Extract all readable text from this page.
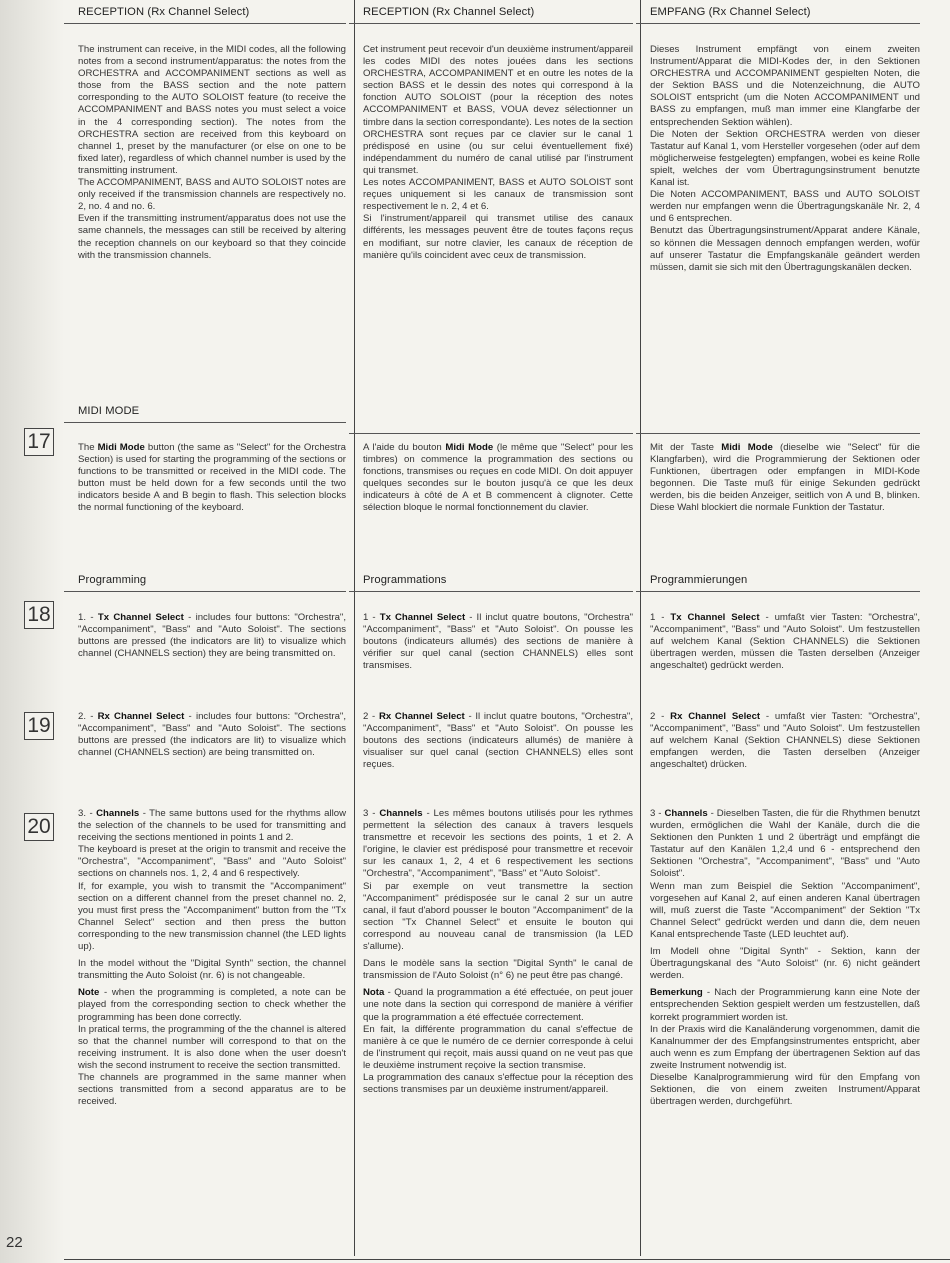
22
17
18
19
20
RECEPTION (Rx Channel Select)

The instrument can receive, in the MIDI codes, all the following notes from a second instrument/apparatus: the notes from the ORCHESTRA and ACCOMPANIMENT sections as well as those from the BASS section and the note pattern corresponding to the AUTO SOLOIST feature (to receive the ACCOMPANIMENT and BASS notes you must select a voice in the 4 corresponding section). The notes from the ORCHESTRA section are received from this keyboard on channel 1, preset by the manufacturer (or else on one to be fixed later), regardless of which channel number is used by the transmitting instrument.
The ACCOMPANIMENT, BASS and AUTO SOLOIST notes are only received if the transmission channels are respectively no. 2, no. 4 and no. 6.
Even if the transmitting instrument/apparatus does not use the same channels, the messages can still be received by altering the reception channels on our keyboard so that they coincide with the transmission channels.

MIDI MODE

The Midi Mode button (the same as "Select" for the Orchestra Section) is used for starting the programming of the sections or functions to be transmitted or received in the MIDI code. The button must be held down for a few seconds until the two indicators beside A and B begin to flash. This selection blocks the normal functioning of the keyboard.

Programming

1. - Tx Channel Select - includes four buttons: "Orchestra", "Accompaniment", "Bass" and "Auto Soloist". The sections buttons are pressed (the indicators are lit) to visualize which channel (CHANNELS section) they are being transmitted on.

2. - Rx Channel Select - includes four buttons: "Orchestra", "Accompaniment", "Bass" and "Auto Soloist". The sections buttons are pressed (the indicators are lit) to visualize which channel (CHANNELS section) are being transmitted on.

3. - Channels - The same buttons used for the rhythms allow the selection of the channels to be used for transmitting and receiving the sections mentioned in points 1 and 2.
The keyboard is preset at the origin to transmit and receive the "Orchestra", "Accompaniment", "Bass" and "Auto Soloist" sections on channels nos. 1, 2, 4 and 6 respectively.
If, for example, you wish to transmit the "Accompaniment" section on a different channel from the preset channel no. 2, you must first press the "Accompaniment" button from the "Tx Channel Select" section and then press the button corresponding to the new transmission channel (the LED lights up).

In the model without the "Digital Synth" section, the channel transmitting the Auto Soloist (nr. 6) is not changeable.

Note - when the programming is completed, a note can be played from the corresponding section to check whether the programming has been done correctly.
In pratical terms, the programming of the the channel is altered so that the channel number will correspond to that on the receiving instrument. It is also done when the user doesn't wish the second instrument to receive the section transmitted.
The channels are programmed in the same manner when sections transmitted from a second apparatus are to be received.

RECEPTION (Rx Channel Select)

Cet instrument peut recevoir d'un deuxième instrument/appareil les codes MIDI des notes jouées dans les sections ORCHESTRA, ACCOMPANIMENT et en outre les notes de la section BASS et le dessin des notes qui correspond à la fonction AUTO SOLOIST (pour la réception des notes ACCOMPANIMENT et BASS, VOUA devez sélectionner un timbre dans la section correspondante). Les notes de la section ORCHESTRA sont reçues par ce clavier sur le canal 1 prédisposé en usine (ou sur celui éventuellement fixé) indépendamment du numéro de canal utilisé par l'instrument qui transmet.
Les notes ACCOMPANIMENT, BASS et AUTO SOLOIST sont reçues uniquement si les canaux de transmission sont respectivement le n. 2, 4 et 6.
Si l'instrument/appareil qui transmet utilise des canaux différents, les messages peuvent être de toutes façons reçus en modifiant, sur notre clavier, les canaux de réception de manière qu'ils coincident avec ceux de transmission.

A l'aide du bouton Midi Mode (le même que "Select" pour les timbres) on commence la programmation des sections ou fonctions, transmises ou reçues en code MIDI. On doit appuyer quelques secondes sur le bouton jusqu'à ce que les deux indicateurs à côté de A et B commencent à clignoter. Cette sélection bloque le normal fonctionnement du clavier.

Programmations

1 - Tx Channel Select - Il inclut quatre boutons, "Orchestra" "Accompaniment", "Bass" et "Auto Soloist". On pousse les boutons (indicateurs allumés) des sections de manière à vérifier sur quel canal (section CHANNELS) elles sont transmises.

2 - Rx Channel Select - Il inclut quatre boutons, "Orchestra", "Accompaniment", "Bass" et "Auto Soloist". On pousse les boutons des sections (indicateurs allumés) de manière à visualiser sur quel canal (section CHANNELS) elles sont reçues.

3 - Channels - Les mêmes boutons utilisés pour les rythmes permettent la sélection des canaux à travers lesquels transmettre et recevoir les sections des points, 1 et 2. A l'origine, le clavier est prédisposé pour transmettre et recevoir sur les canaux 1, 2, 4 et 6 respectivement les sections "Orchestra", "Accompaniment", "Bass" et "Auto Soloist".
Si par exemple on veut transmettre la section "Accompaniment" prédisposée sur le canal 2 sur un autre canal, il faut d'abord pousser le bouton "Accompaniment" de la section "Tx Channel Select" et ensuite le bouton qui correspond au nouveau canal de transmission (la LED s'allume).

Dans le modèle sans la section "Digital Synth" le canal de transmission de l'Auto Soloist (n° 6) ne peut être pas changé.

Nota - Quand la programmation a été effectuée, on peut jouer une note dans la section qui correspond de manière à vérifier que la programmation a été effectuée correctement.
En fait, la différente programmation du canal s'effectue de manière à ce que le numéro de ce dernier corresponde à celui de l'instrument qui reçoit, mais aussi quand on ne veut pas que le deuxième instrument reçoive la section transmise.
La programmation des canaux s'effectue pour la réception des sections transmises par un deuxième instrument/appareil.

EMPFANG (Rx Channel Select)

Dieses Instrument empfängt von einem zweiten Instrument/Apparat die MIDI-Kodes der, in den Sektionen ORCHESTRA und ACCOMPANIMENT gespielten Noten, die der Sektion BASS und die Notenzeichnung, die AUTO SOLOIST entspricht (um die Noten ACCOMPANIMENT und BASS zu empfangen, muß man immer eine Klangfarbe der entsprechenden Sektion wählen).
Die Noten der Sektion ORCHESTRA werden von dieser Tastatur auf Kanal 1, vom Hersteller vorgesehen (oder auf dem möglicherweise festgelegten) empfangen, wobei es keine Rolle spielt, welches der vom Übertragungsinstrument benutzte Kanal ist.
Die Noten ACCOMPANIMENT, BASS und AUTO SOLOIST werden nur empfangen wenn die Übertragungskanäle Nr. 2, 4 und 6 entsprechen.
Benutzt das Übertragungsinstrument/Apparat andere Känale, so können die Messagen dennoch empfangen werden, wofür auf unserer Tastatur die Empfangskanäle geändert werden müssen, damit sie sich mit den Übertragungskanälen decken.

Mit der Taste Midi Mode (dieselbe wie "Select" für die Klangfarben), wird die Programmierung der Sektionen oder Funktionen, übertragen oder empfangen in MIDI-Kode begonnen. Die Taste muß für einige Sekunden gedrückt werden, bis die beiden Anzeiger, seitlich von A und B, blinken. Diese Wahl blockiert die normale Funktion der Tastatur.

Programmierungen

1 - Tx Channel Select - umfaßt vier Tasten: "Orchestra", "Accompaniment", "Bass" und "Auto Soloist". Um festzustellen auf welchem Kanal (Sektion CHANNELS) die Sektionen übertragen werden, müssen die Tasten derselben (Anzeiger angeschaltet) gedrückt werden.

2 - Rx Channel Select - umfaßt vier Tasten: "Orchestra", "Accompaniment", "Bass" und "Auto Soloist". Um festzustellen auf welchem Kanal (Sektion CHANNELS) diese Sektionen empfangen werden, die Tasten derselben (Anzeiger angeschaltet) drücken.

3 - Channels - Dieselben Tasten, die für die Rhythmen benutzt wurden, ermöglichen die Wahl der Kanäle, durch die die Sektionen den Punkten 1 und 2 überträgt und empfängt die Tastatur auf den Kanälen 1,2,4 und 6 - entsprechend den Sektionen "Orchestra", "Accompaniment", "Bass" und "Auto Soloist".
Wenn man zum Beispiel die Sektion "Accompaniment", vorgesehen auf Kanal 2, auf einen anderen Kanal übertragen will, muß zuerst die Taste "Accompaniment" der Sektion "Tx Channel Select" gedrückt werden und dann die, dem neuen Kanal entsprechende Taste (LED leuchtet auf).

Im Modell ohne "Digital Synth" - Sektion, kann der Übertragungskanal des "Auto Soloist" (nr. 6) nicht geändert werden.

Bemerkung - Nach der Programmierung kann eine Note der entsprechenden Sektion gespielt werden um festzustellen, daß korrekt programmiert worden ist.
In der Praxis wird die Kanaländerung vorgenommen, damit die Kanalnummer der des Empfangsinstrumentes entspricht, aber auch wenn es zum Empfang der übertragenen Sektion auf das zweite Instrument notwendig ist.
Dieselbe Kanalprogrammierung wird für den Empfang von Sektionen, die von einem zweiten Instrument/Apparat übertragen werden, durchgeführt.
